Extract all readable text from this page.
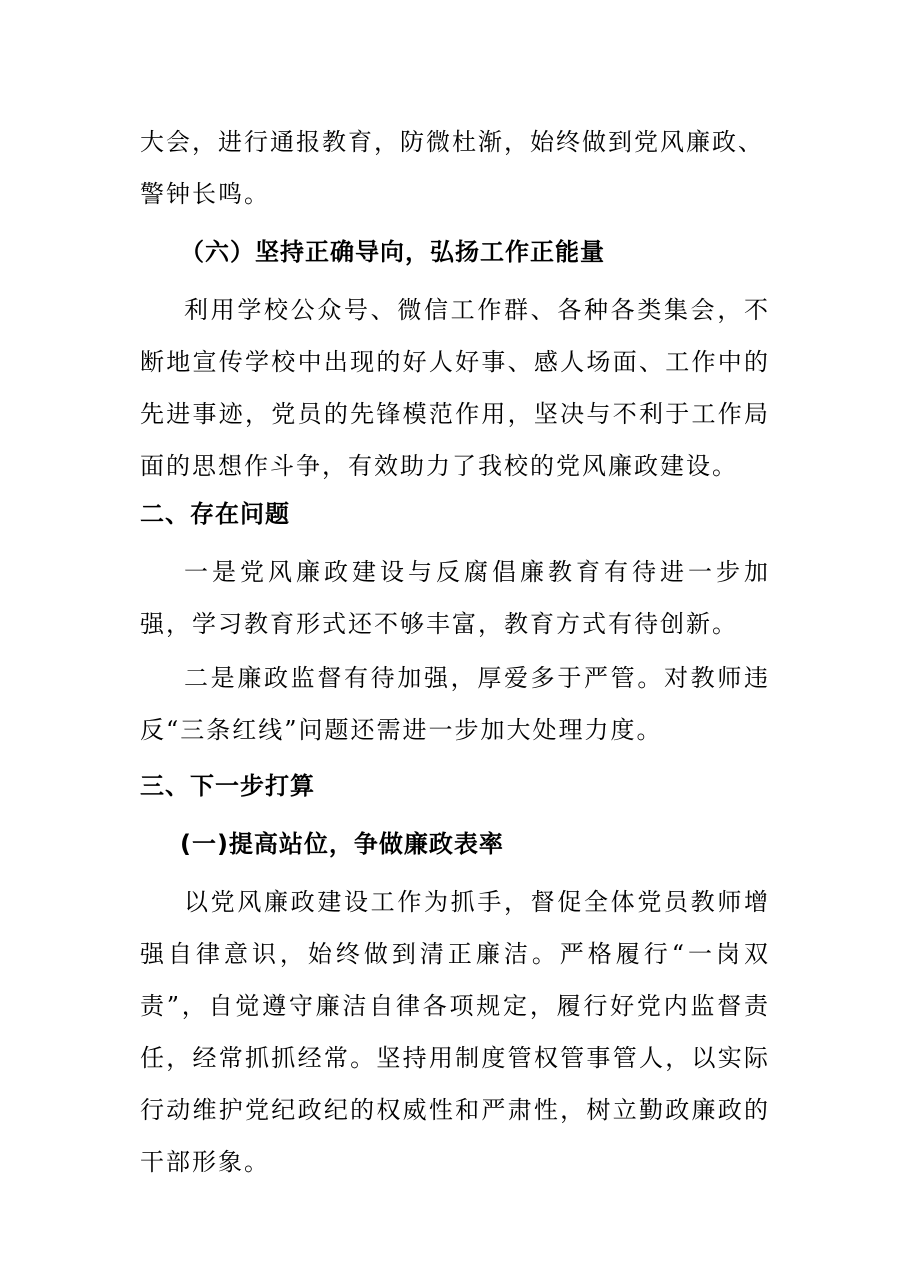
大会，进行通报教育，防微杜渐，始终做到党风廉政、警钟长鸣。

（六）坚持正确导向，弘扬工作正能量

利用学校公众号、微信工作群、各种各类集会，不断地宣传学校中出现的好人好事、感人场面、工作中的先进事迹，党员的先锋模范作用，坚决与不利于工作局面的思想作斗争，有效助力了我校的党风廉政建设。

二、存在问题

一是党风廉政建设与反腐倡廉教育有待进一步加强，学习教育形式还不够丰富，教育方式有待创新。

二是廉政监督有待加强，厚爱多于严管。对教师违反“三条红线”问题还需进一步加大处理力度。

三、下一步打算

(一)提高站位，争做廉政表率

以党风廉政建设工作为抓手，督促全体党员教师增强自律意识，始终做到清正廉洁。严格履行“一岗双责”，自觉遵守廉洁自律各项规定，履行好党内监督责任，经常抓抓经常。坚持用制度管权管事管人，以实际行动维护党纪政纪的权威性和严肃性，树立勤政廉政的干部形象。
